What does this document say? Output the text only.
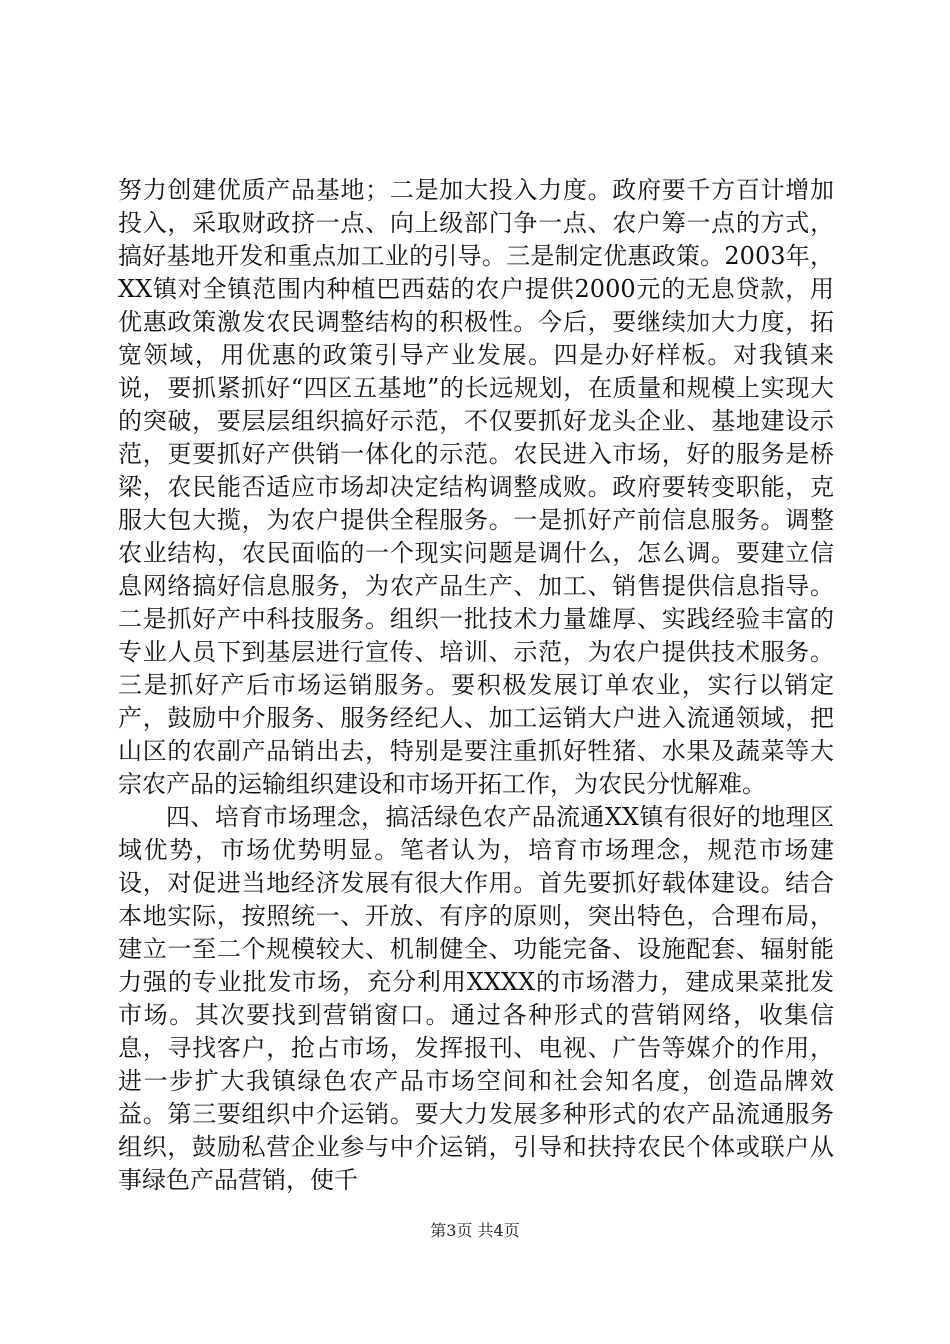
努力创建优质产品基地；二是加大投入力度。政府要千方百计增加投入，采取财政挤一点、向上级部门争一点、农户筹一点的方式，搞好基地开发和重点加工业的引导。三是制定优惠政策。2003年，XX镇对全镇范围内种植巴西菇的农户提供2000元的无息贷款，用优惠政策激发农民调整结构的积极性。今后，要继续加大力度，拓宽领域，用优惠的政策引导产业发展。四是办好样板。对我镇来说，要抓紧抓好“四区五基地”的长远规划，在质量和规模上实现大的突破，要层层组织搞好示范，不仅要抓好龙头企业、基地建设示范，更要抓好产供销一体化的示范。农民进入市场，好的服务是桥梁，农民能否适应市场却决定结构调整成败。政府要转变职能，克服大包大揽，为农户提供全程服务。一是抓好产前信息服务。调整农业结构，农民面临的一个现实问题是调什么，怎么调。要建立信息网络搞好信息服务，为农产品生产、加工、销售提供信息指导。二是抓好产中科技服务。组织一批技术力量雄厚、实践经验丰富的专业人员下到基层进行宣传、培训、示范，为农户提供技术服务。三是抓好产后市场运销服务。要积极发展订单农业，实行以销定产，鼓励中介服务、服务经纪人、加工运销大户进入流通领域，把山区的农副产品销出去，特别是要注重抓好牲猪、水果及蔬菜等大宗农产品的运输组织建设和市场开拓工作，为农民分忧解难。

四、培育市场理念，搞活绿色农产品流通XX镇有很好的地理区域优势，市场优势明显。笔者认为，培育市场理念，规范市场建设，对促进当地经济发展有很大作用。首先要抓好载体建设。结合本地实际，按照统一、开放、有序的原则，突出特色，合理布局，建立一至二个规模较大、机制健全、功能完备、设施配套、辐射能力强的专业批发市场，充分利用XXXX的市场潜力，建成果菜批发市场。其次要找到营销窗口。通过各种形式的营销网络，收集信息，寻找客户，抢占市场，发挥报刊、电视、广告等媒介的作用，进一步扩大我镇绿色农产品市场空间和社会知名度，创造品牌效益。第三要组织中介运销。要大力发展多种形式的农产品流通服务组织，鼓励私营企业参与中介运销，引导和扶持农民个体或联户从事绿色产品营销，使千

第3页 共4页
